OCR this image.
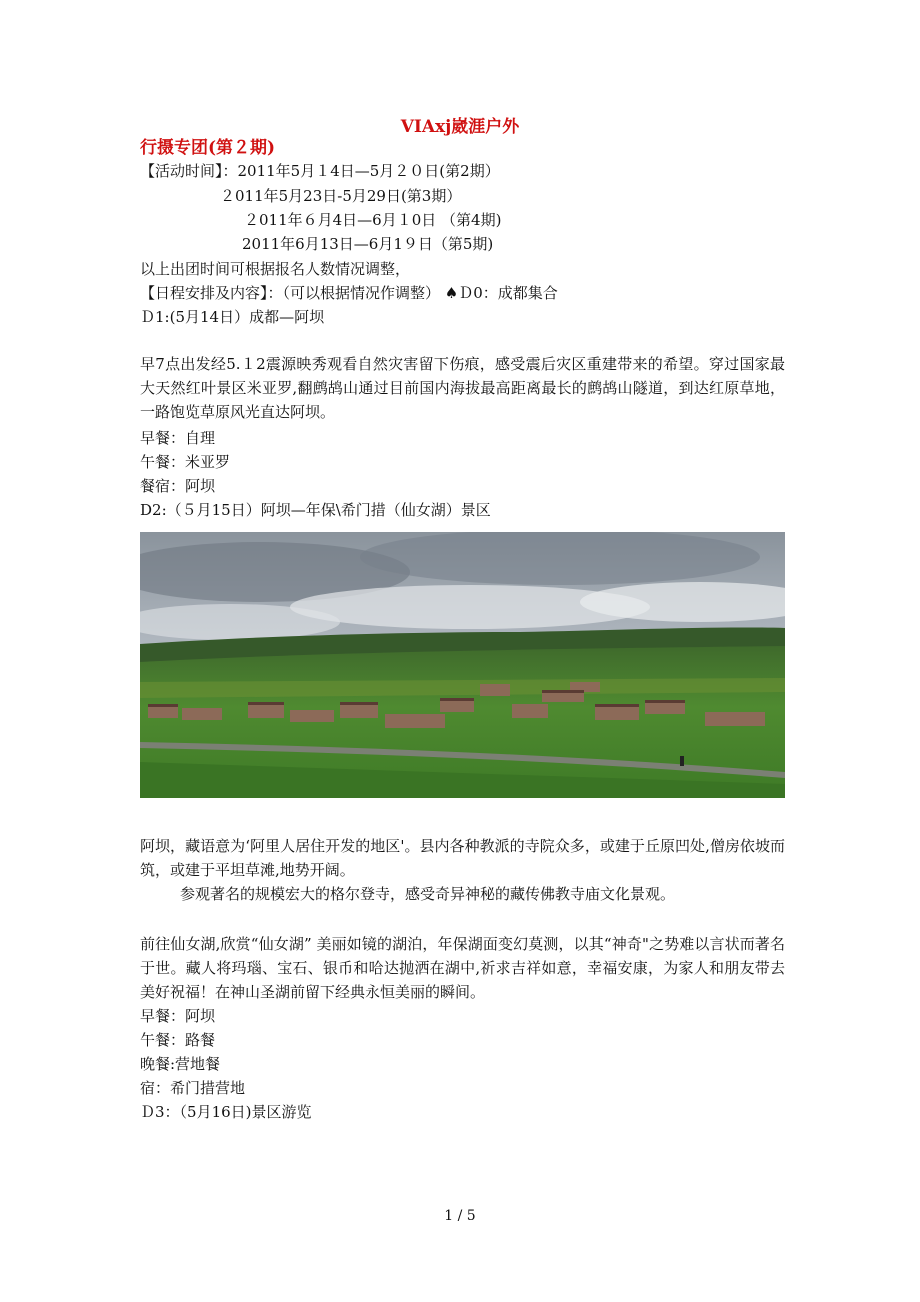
ⅤIAxj崴涯户外
行摄专团(第２期)
【活动时间】：2011年5月１4日—5月２０日(第2期）
２011年5月23日-5月29日(第3期）
２011年６月4日—6月１0日 （第4期)
2011年6月13日—6月1９日（第5期)
以上出团时间可根据报名人数情况调整，
【日程安排及内容】：（可以根据情况作调整） ♠Ｄ0：成都集合
Ｄ1:(5月14日）成都—阿坝
早7点出发经5.１2震源映秀观看自然灾害留下伤痕，感受震后灾区重建带来的希望。穿过国家最大天然红叶景区米亚罗,翻鹧鸪山通过目前国内海拔最高距离最长的鹧鸪山隧道，到达红原草地，一路饱览草原风光直达阿坝。
早餐：自理
午餐：米亚罗
餐宿：阿坝
D2:（５月15日）阿坝—年保\希门措（仙女湖）景区
阿坝，藏语意为‘阿里人居住开发的地区'。县内各种教派的寺院众多，或建于丘原凹处,僧房依坡而筑，或建于平坦草滩,地势开阔。
参观著名的规模宏大的格尔登寺，感受奇异神秘的藏传佛教寺庙文化景观。
前往仙女湖,欣赏“仙女湖” 美丽如镜的湖泊，年保湖面变幻莫测，以其“神奇"之势难以言状而著名于世。藏人将玛瑙、宝石、银币和哈达抛洒在湖中,祈求吉祥如意，幸福安康，为家人和朋友带去美好祝福！在神山圣湖前留下经典永恒美丽的瞬间。
早餐：阿坝
午餐：路餐
晚餐:营地餐
宿：希门措营地
Ｄ3：（5月16日)景区游览
1 / 5
